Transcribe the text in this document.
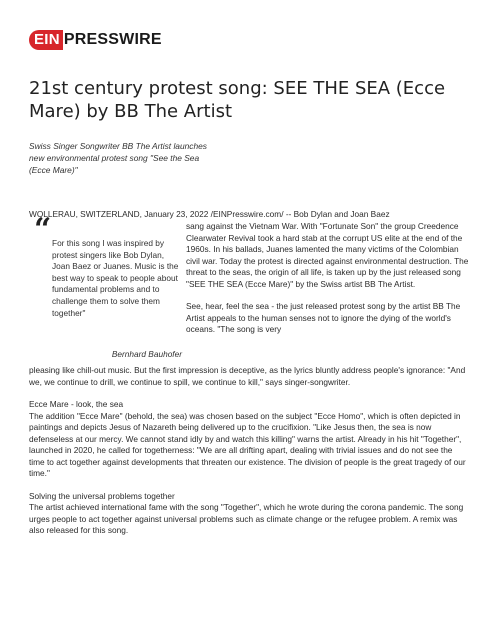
EIN PRESSWIRE
21st century protest song: SEE THE SEA (Ecce Mare) by BB The Artist

Swiss Singer Songwriter BB The Artist launches new environmental protest song "See the Sea (Ecce Mare)"

WOLLERAU, SWITZERLAND, January 23, 2022 /EINPresswire.com/ -- Bob Dylan and Joan Baez

“ For this song I was inspired by protest singers like Bob Dylan, Joan Baez or Juanes. Music is the best way to speak to people about fundamental problems and to challenge them to solve them together"

Bernhard Bauhofer

sang against the Vietnam War. With "Fortunate Son" the group Creedence Clearwater Revival took a hard stab at the corrupt US elite at the end of the 1960s. In his ballads, Juanes lamented the many victims of the Colombian civil war. Today the protest is directed against environmental destruction. The threat to the seas, the origin of all life, is taken up by the just released song "SEE THE SEA (Ecce Mare)" by the Swiss artist BB The Artist.

See, hear, feel the sea - the just released protest song by the artist BB The Artist appeals to the human senses not to ignore the dying of the world's oceans. "The song is very

pleasing like chill-out music. But the first impression is deceptive, as the lyrics bluntly address people's ignorance: "And we, we continue to drill, we continue to spill, we continue to kill," says singer-songwriter.

Ecce Mare - look, the sea

The addition "Ecce Mare" (behold, the sea) was chosen based on the subject "Ecce Homo", which is often depicted in paintings and depicts Jesus of Nazareth being delivered up to the crucifixion. "Like Jesus then, the sea is now defenseless at our mercy. We cannot stand idly by and watch this killing" warns the artist. Already in his hit "Together", launched in 2020, he called for togetherness: "We are all drifting apart, dealing with trivial issues and do not see the time to act together against developments that threaten our existence. The division of people is the great tragedy of our time."

Solving the universal problems together

The artist achieved international fame with the song "Together", which he wrote during the corona pandemic. The song urges people to act together against universal problems such as climate change or the refugee problem. A remix was also released for this song.
